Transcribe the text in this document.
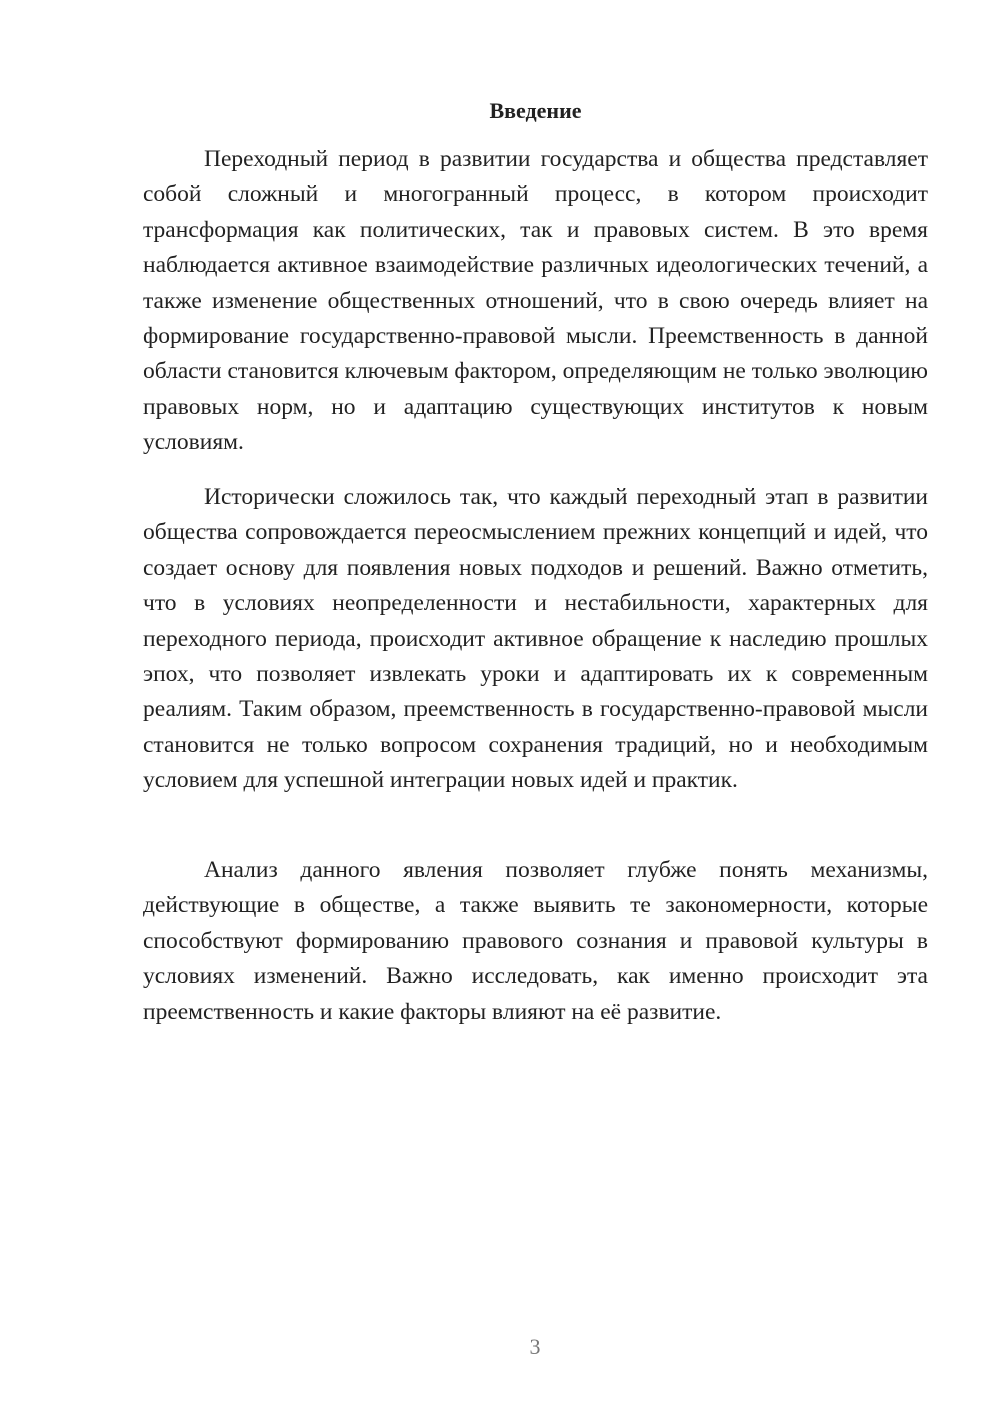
Введение

Переходный период в развитии государства и общества представляет собой сложный и многогранный процесс, в котором происходит трансформация как политических, так и правовых систем. В это время наблюдается активное взаимодействие различных идеологических течений, а также изменение общественных отношений, что в свою очередь влияет на формирование государственно-правовой мысли. Преемственность в данной области становится ключевым фактором, определяющим не только эволюцию правовых норм, но и адаптацию существующих институтов к новым условиям.

Исторически сложилось так, что каждый переходный этап в развитии общества сопровождается переосмыслением прежних концепций и идей, что создает основу для появления новых подходов и решений. Важно отметить, что в условиях неопределенности и нестабильности, характерных для переходного периода, происходит активное обращение к наследию прошлых эпох, что позволяет извлекать уроки и адаптировать их к современным реалиям. Таким образом, преемственность в государственно-правовой мысли становится не только вопросом сохранения традиций, но и необходимым условием для успешной интеграции новых идей и практик.

Анализ данного явления позволяет глубже понять механизмы, действующие в обществе, а также выявить те закономерности, которые способствуют формированию правового сознания и правовой культуры в условиях изменений. Важно исследовать, как именно происходит эта преемственность и какие факторы влияют на её развитие.

3
